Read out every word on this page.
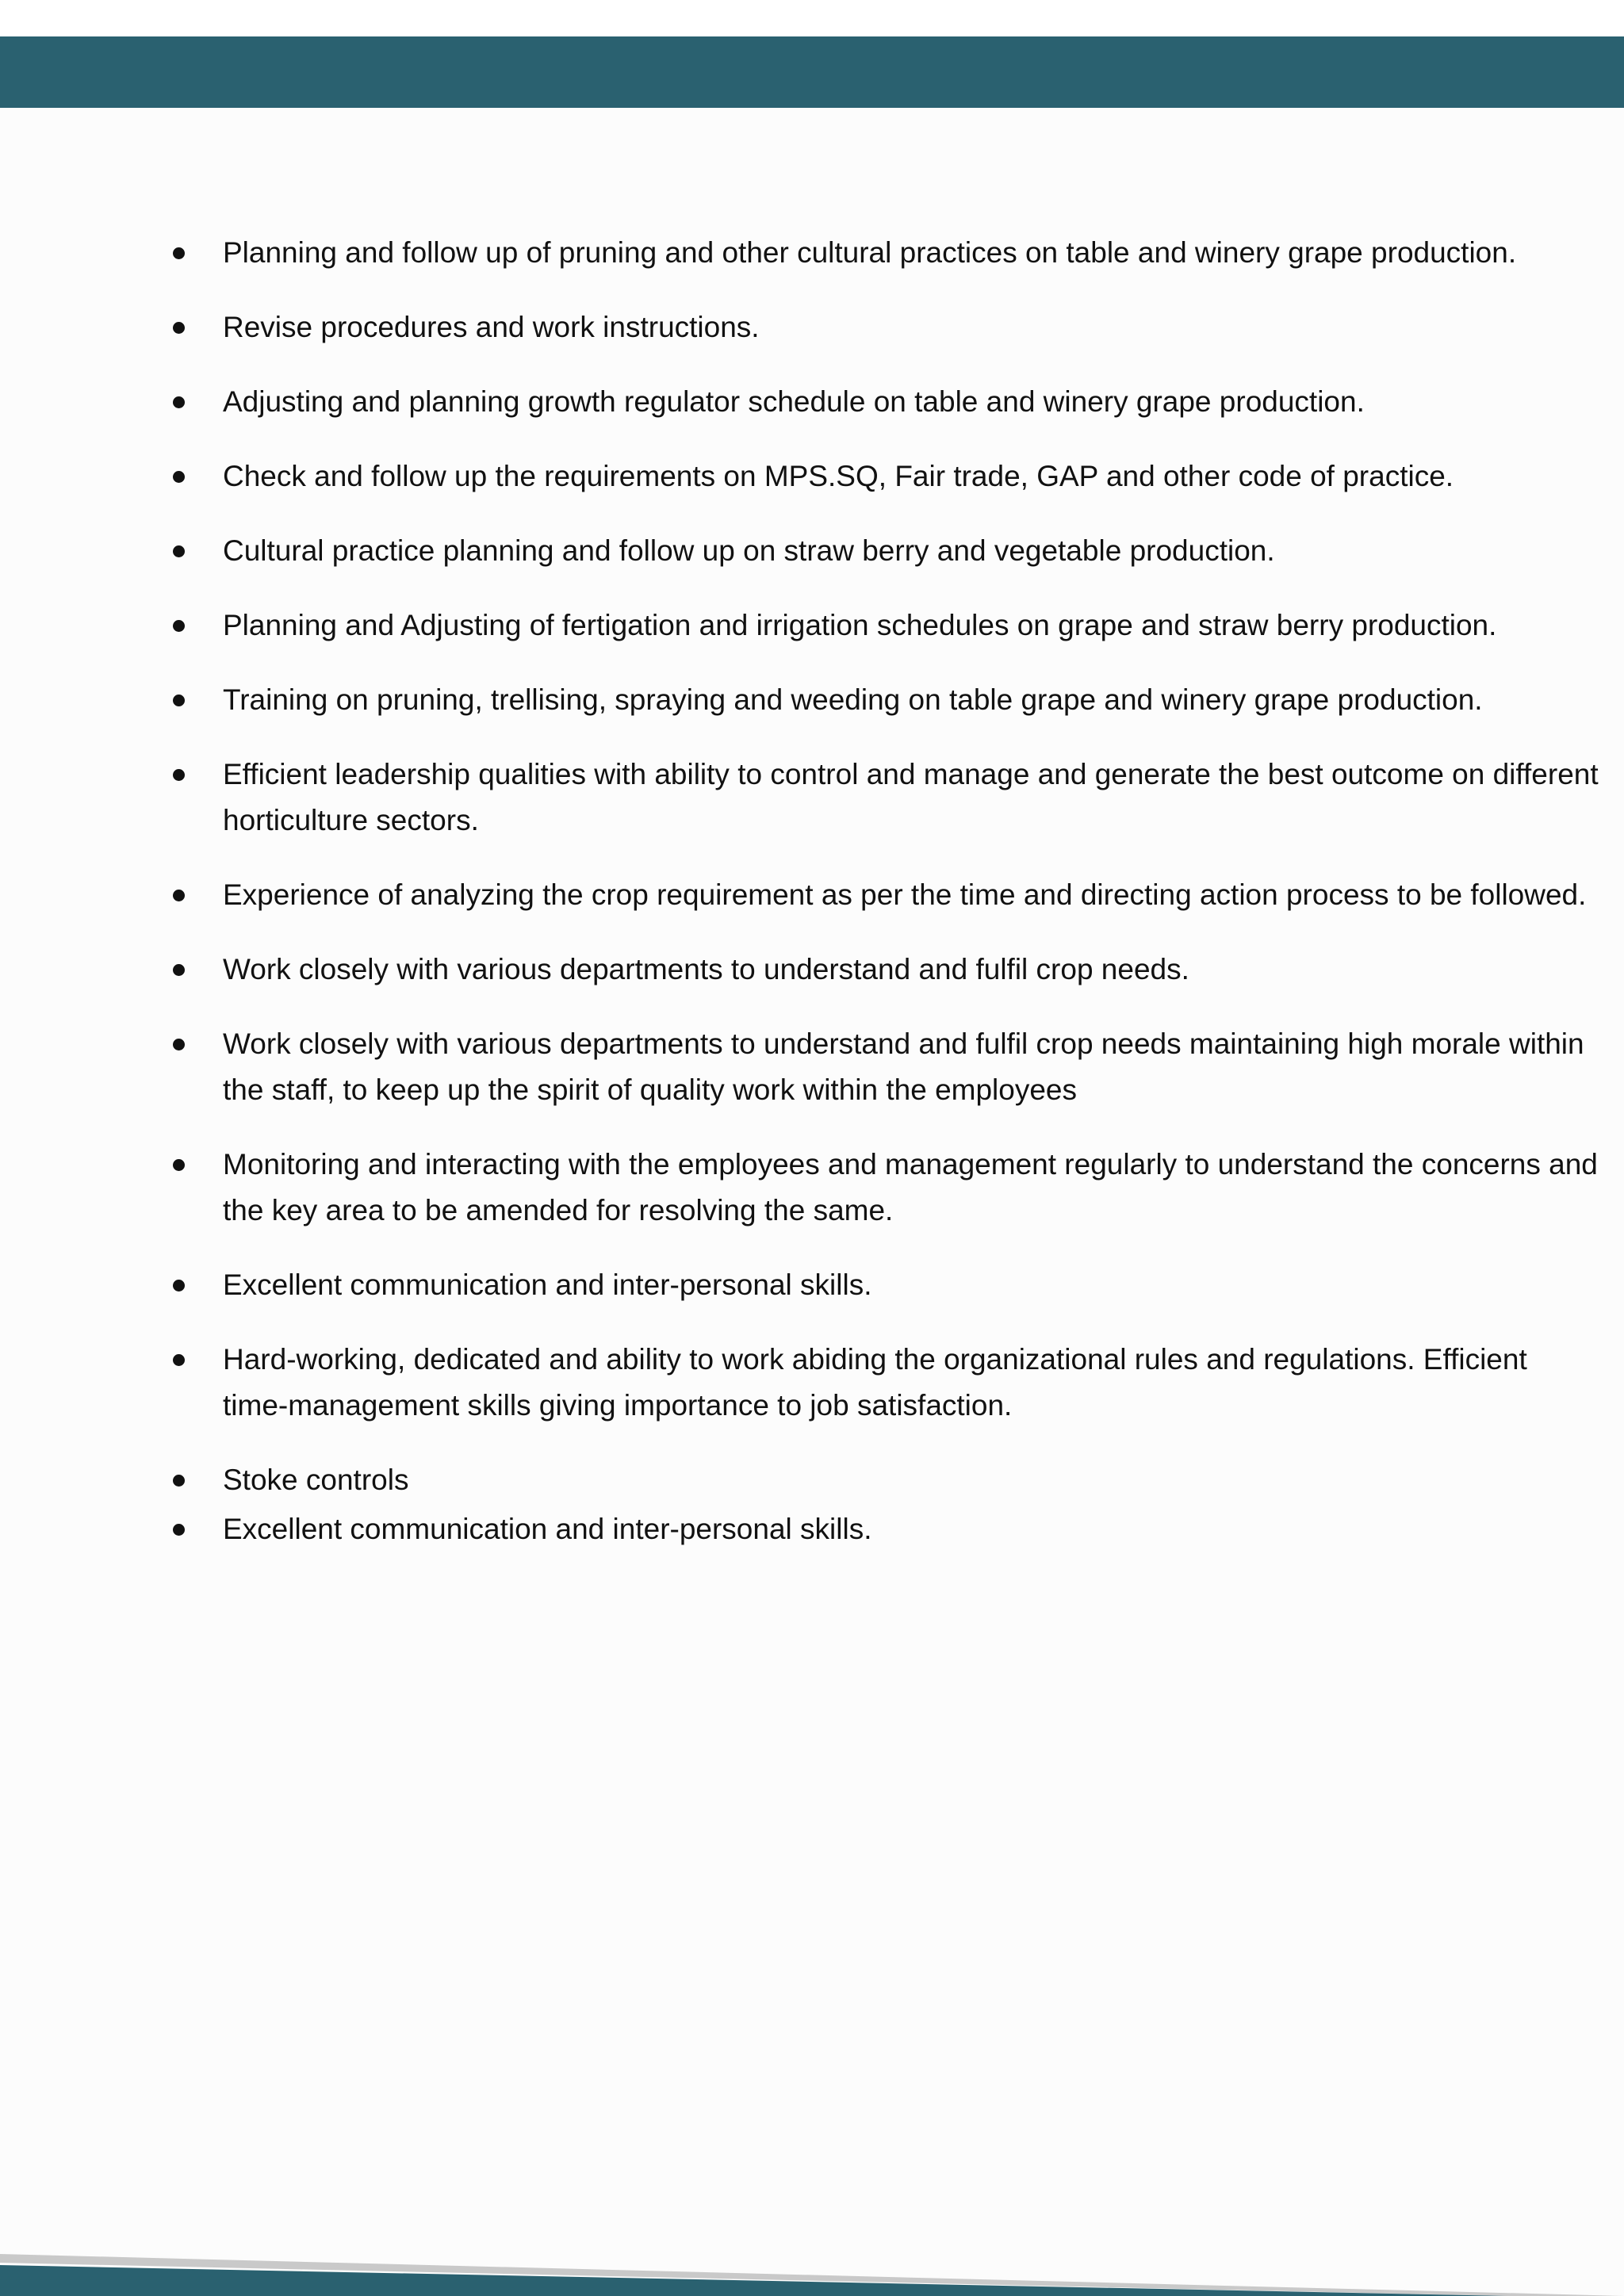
Planning and follow up of pruning and other cultural practices on table and winery grape production.
Revise procedures and work instructions.
Adjusting and planning growth regulator schedule on table and winery grape production.
Check and follow up the requirements on MPS.SQ, Fair trade, GAP and other code of practice.
Cultural practice planning and follow up on straw berry and vegetable production.
Planning and Adjusting of fertigation and irrigation schedules on grape and straw berry production.
Training on pruning, trellising, spraying and weeding on table grape and winery grape production.
Efficient leadership qualities with ability to control and manage and generate the best outcome on different horticulture sectors.
Experience of analyzing the crop requirement as per the time and directing action process to be followed.
Work closely with various departments to understand and fulfil crop needs.
Work closely with various departments to understand and fulfil crop needs maintaining high morale within the staff, to keep up the spirit of quality work within the employees
Monitoring and interacting with the employees and management regularly to understand the concerns and the key area to be amended for resolving the same.
Excellent communication and inter-personal skills.
Hard-working, dedicated and ability to work abiding the organizational rules and regulations. Efficient time-management skills giving importance to job satisfaction.
Stoke controls
Excellent communication and inter-personal skills.
